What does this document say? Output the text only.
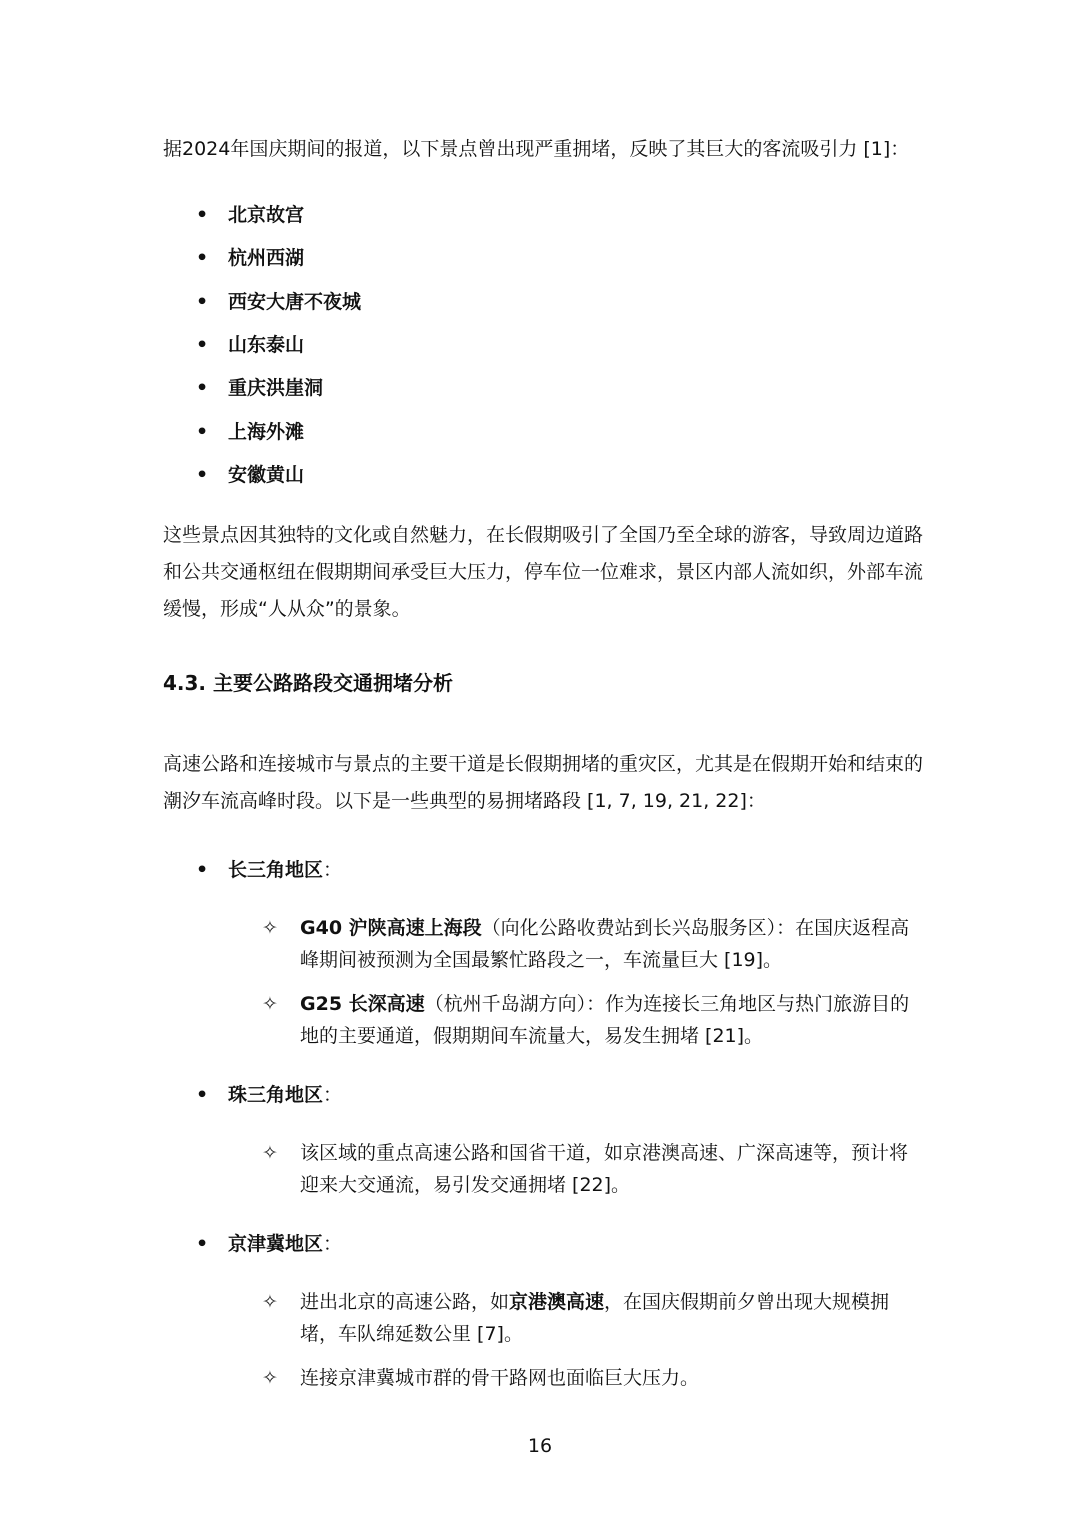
据2024年国庆期间的报道，以下景点曾出现严重拥堵，反映了其巨大的客流吸引力 [1]：

• 北京故宫
• 杭州西湖
• 西安大唐不夜城
• 山东泰山
• 重庆洪崖洞
• 上海外滩
• 安徽黄山

这些景点因其独特的文化或自然魅力，在长假期吸引了全国乃至全球的游客，导致周边道路和公共交通枢纽在假期期间承受巨大压力，停车位一位难求，景区内部人流如织，外部车流缓慢，形成“人从众”的景象。

4.3. 主要公路路段交通拥堵分析

高速公路和连接城市与景点的主要干道是长假期拥堵的重灾区，尤其是在假期开始和结束的潮汐车流高峰时段。以下是一些典型的易拥堵路段 [1, 7, 19, 21, 22]：

• 长三角地区：
✧ G40 沪陕高速上海段（向化公路收费站到长兴岛服务区）：在国庆返程高峰期间被预测为全国最繁忙路段之一，车流量巨大 [19]。

✧ G25 长深高速（杭州千岛湖方向）：作为连接长三角地区与热门旅游目的地的主要通道，假期期间车流量大，易发生拥堵 [21]。

• 珠三角地区：
✧ 该区域的重点高速公路和国省干道，如京港澳高速、广深高速等，预计将迎来大交通流，易引发交通拥堵 [22]。

• 京津冀地区：
✧ 进出北京的高速公路，如京港澳高速，在国庆假期前夕曾出现大规模拥堵，车队绵延数公里 [7]。

✧ 连接京津冀城市群的骨干路网也面临巨大压力。

16
